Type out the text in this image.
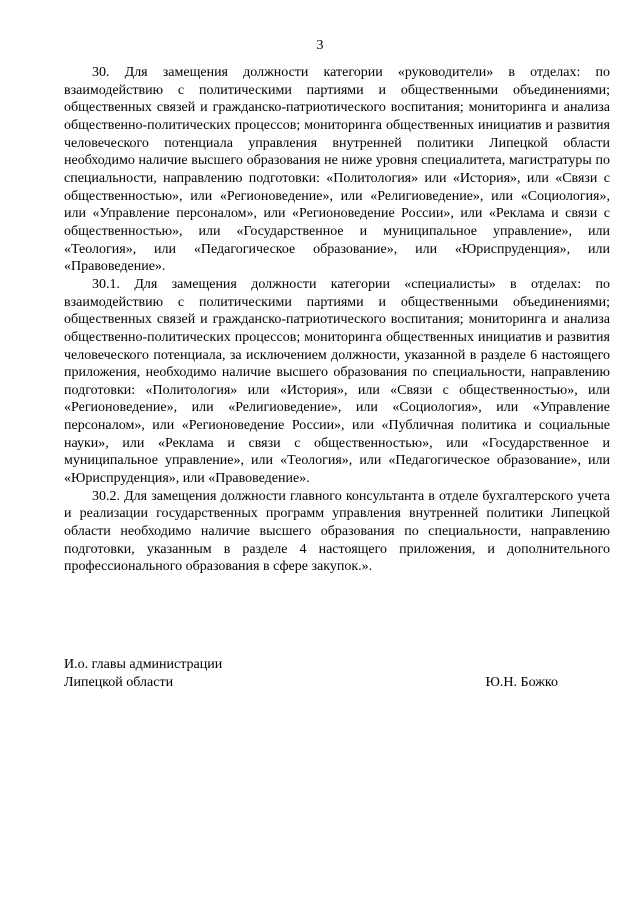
3

30. Для замещения должности категории «руководители» в отделах: по взаимодействию с политическими партиями и общественными объединениями; общественных связей и гражданско-патриотического воспитания; мониторинга и анализа общественно-политических процессов; мониторинга общественных инициатив и развития человеческого потенциала управления внутренней политики Липецкой области необходимо наличие высшего образования не ниже уровня специалитета, магистратуры по специальности, направлению подготовки: «Политология» или «История», или «Связи с общественностью», или «Регионоведение», или «Религиоведение», или «Социология», или «Управление персоналом», или «Регионоведение России», или «Реклама и связи с общественностью», или «Государственное и муниципальное управление», или «Теология», или «Педагогическое образование», или «Юриспруденция», или «Правоведение».

30.1. Для замещения должности категории «специалисты» в отделах: по взаимодействию с политическими партиями и общественными объединениями; общественных связей и гражданско-патриотического воспитания; мониторинга и анализа общественно-политических процессов; мониторинга общественных инициатив и развития человеческого потенциала, за исключением должности, указанной в разделе 6 настоящего приложения, необходимо наличие высшего образования по специальности, направлению подготовки: «Политология» или «История», или «Связи с общественностью», или «Регионоведение», или «Религиоведение», или «Социология», или «Управление персоналом», или «Регионоведение России», или «Публичная политика и социальные науки», или «Реклама и связи с общественностью», или «Государственное и муниципальное управление», или «Теология», или «Педагогическое образование», или «Юриспруденция», или «Правоведение».

30.2. Для замещения должности главного консультанта в отделе бухгалтерского учета и реализации государственных программ управления внутренней политики Липецкой области необходимо наличие высшего образования по специальности, направлению подготовки, указанным в разделе 4 настоящего приложения, и дополнительного профессионального образования в сфере закупок.».

И.о. главы администрации

Липецкой области	Ю.Н. Божко
